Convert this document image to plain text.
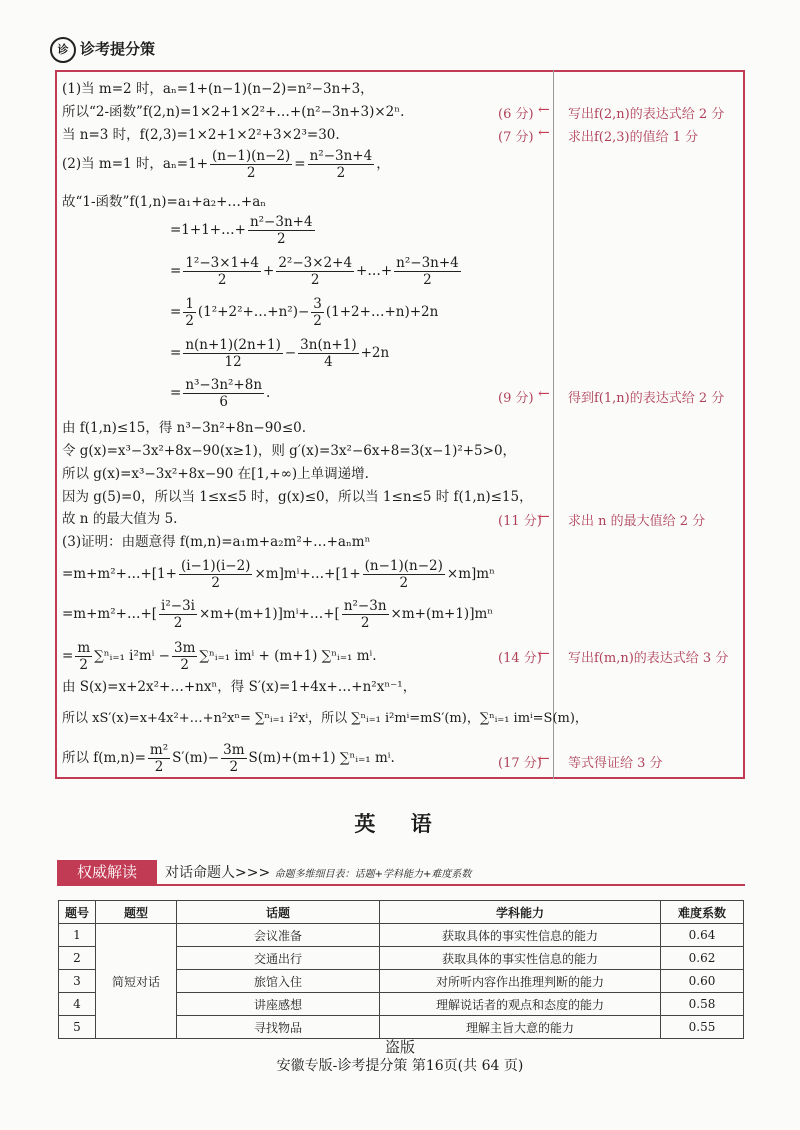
诊 诊考提分策
(1)当 m=2 时，aₙ=1+(n−1)(n−2)=n²−3n+3，
所以“2-函数”f(2,n)=1×2+1×2²+…+(n²−3n+3)×2ⁿ.
当 n=3 时，f(2,3)=1×2+1×2²+3×2³=30.
(2)当 m=1 时，$a_n=1+ \frac{(n-1)(n-2)}{2} = \frac{\text{n²−3n+4}}{2}$ ，
故“1-函数”f(1,n)=a₁+a₂+…+aₙ
=1+1+…+ $\frac{\text{n²−3n+4}}{2}$
= $\frac{\text{1²−3×1+4}}{2} + \frac{\text{2²−3×2+4}}{2}$ +…+ $\frac{\text{n²−3n+4}}{2}$
= $\frac{1}{2}$ (1²+2²+…+n²)− $\frac{3}{2}$ (1+2+…+n)+2n
= $\frac{n(n+1)(2n+1)}{12} - \frac{3n(n+1)}{4} +2n$
= $\frac{\text{n³−3n²+8n}}{6}$ .
由 f(1,n)≤15，得 n³−3n²+8n−90≤0.
令 g(x)=x³−3x²+8x−90(x≥1)，则 g′(x)=3x²−6x+8=3(x−1)²+5>0，
所以 g(x)=x³−3x²+8x−90 在[1,+∞)上单调递增.
因为 g(5)=0，所以当 1≤x≤5 时，g(x)≤0，所以当 1≤n≤5 时 f(1,n)≤15，
故 n 的最大值为 5.
(3)证明：由题意得 f(m,n)=a₁m+a₂m²+…+aₙmⁿ
=m+m²+…+[1+ $\frac{(i-1)(i-2)}{2}$ ×m]mⁱ+…+[1+ $\frac{(n-1)(n-2)}{2} \times m]m^n$
=m+m²+…+[ $\frac{\text{i²−3i}}{2}$ ×m+(m+1)]mⁱ+…+[ $\frac{\text{n²−3n}}{2} \times m+(m+1)]m^n$
= $\frac{m}{2}$ ∑ⁿᵢ₌₁ $i^2m^i - \frac{3m}{2}$ ∑ⁿᵢ₌₁ imⁱ + (m+1) ∑ⁿᵢ₌₁ mⁱ.
由 S(x)=x+2x²+…+nxⁿ，得 S′(x)=1+4x+…+n²xⁿ⁻¹，
所以 xS′(x)=x+4x²+…+n²xⁿ= ∑ⁿᵢ₌₁ i²xⁱ，所以 ∑ⁿᵢ₌₁ i²mⁱ=mS′(m)，∑ⁿᵢ₌₁ imⁱ=S(m)，
所以 $f(m,n)= \frac{\text{m²}}{2} S'(m)- \frac{3m}{2} S(m)+(m+1)$ ∑ⁿᵢ₌₁ mⁱ.
(6 分) ← 写出f(2,n)的表达式给 2 分
(7 分) ← 求出f(2,3)的值给 1 分
(9 分) ← 得到f(1,n)的表达式给 2 分
(11 分)
← 求出 n 的最大值给 2 分
(14 分)
← 写出f(m,n)的表达式给 3 分
(17 分)
← 等式得证给 3 分
英 语
权威解读	对话命题人>>> 命题多维细目表：话题+学科能力+难度系数
题号	题型	话题	学科能力	难度系数
1	简短对话	会议准备	获取具体的事实性信息的能力	0.64
2		交通出行	获取具体的事实性信息的能力	0.62
3		旅馆入住	对所听内容作出推理判断的能力	0.60
4		讲座感想	理解说话者的观点和态度的能力	0.58
5		寻找物品	理解主旨大意的能力	0.55
盗版
安徽专版-诊考提分策 第16页(共 64 页)
